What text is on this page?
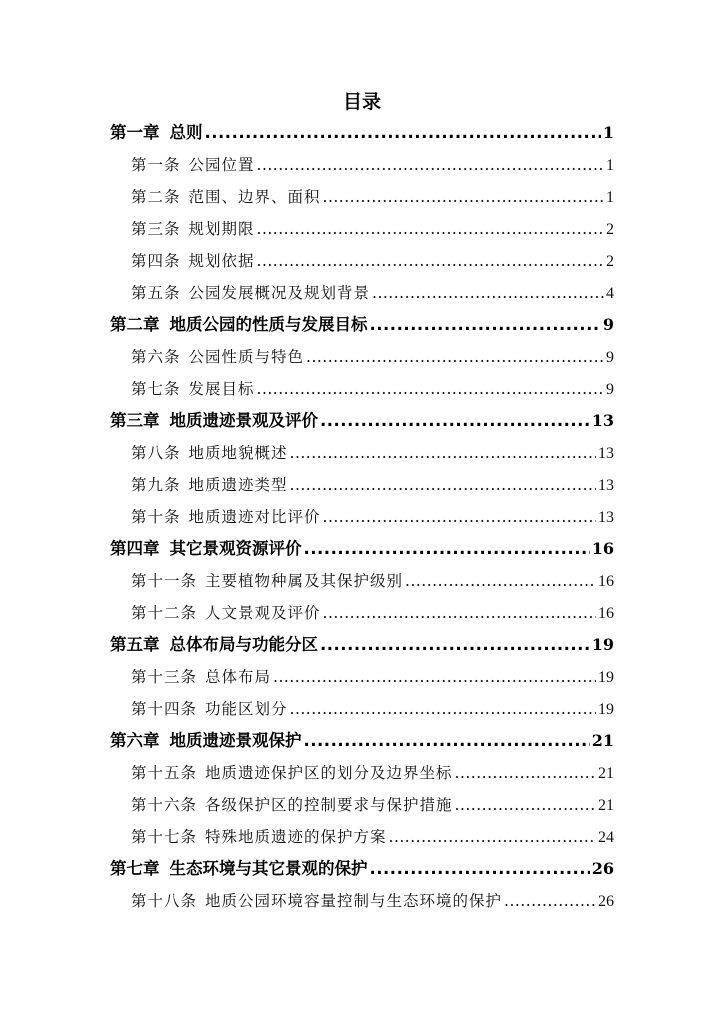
目录
第一章 总则 .....	1
第一条 公园位置 .....	1
第二条 范围、边界、面积 .....	1
第三条 规划期限 .....	2
第四条 规划依据 .....	2
第五条 公园发展概况及规划背景 .....	4
第二章 地质公园的性质与发展目标 .....	9
第六条 公园性质与特色 .....	9
第七条 发展目标 .....	9
第三章 地质遗迹景观及评价 .....	13
第八条 地质地貌概述 .....	13
第九条 地质遗迹类型 .....	13
第十条 地质遗迹对比评价 .....	13
第四章 其它景观资源评价 .....	16
第十一条 主要植物种属及其保护级别 .....	16
第十二条 人文景观及评价 .....	16
第五章 总体布局与功能分区 .....	19
第十三条 总体布局 .....	19
第十四条 功能区划分 .....	19
第六章 地质遗迹景观保护 .....	21
第十五条 地质遗迹保护区的划分及边界坐标 .....	21
第十六条 各级保护区的控制要求与保护措施 .....	21
第十七条 特殊地质遗迹的保护方案 .....	24
第七章 生态环境与其它景观的保护 .....	26
第十八条 地质公园环境容量控制与生态环境的保护 .....	26
